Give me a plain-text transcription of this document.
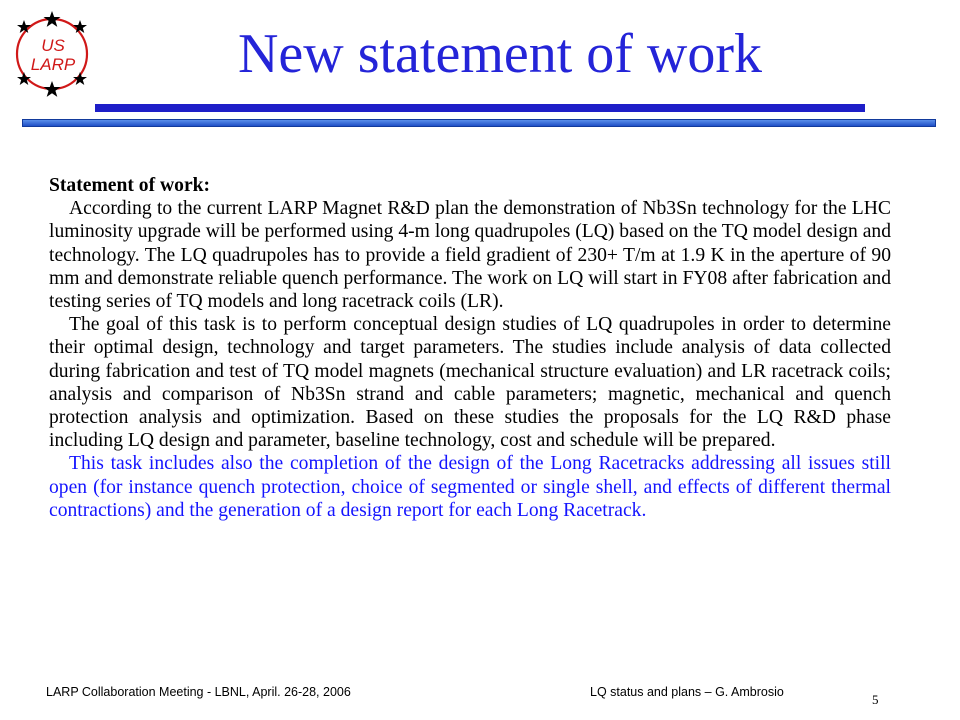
US
LARP	New statement of work
Statement of work:

According to the current LARP Magnet R&D plan the demonstration of Nb3Sn technology for the LHC luminosity upgrade will be performed using 4-m long quadrupoles (LQ) based on the TQ model design and technology. The LQ quadrupoles has to provide a field gradient of 230+ T/m at 1.9 K in the aperture of 90 mm and demonstrate reliable quench performance. The work on LQ will start in FY08 after fabrication and testing series of TQ models and long racetrack coils (LR).

The goal of this task is to perform conceptual design studies of LQ quadrupoles in order to determine their optimal design, technology and target parameters. The studies include analysis of data collected during fabrication and test of TQ model magnets (mechanical structure evaluation) and LR racetrack coils; analysis and comparison of Nb3Sn strand and cable parameters; magnetic, mechanical and quench protection analysis and optimization. Based on these studies the proposals for the LQ R&D phase including LQ design and parameter, baseline technology, cost and schedule will be prepared.

This task includes also the completion of the design of the Long Racetracks addressing all issues still open (for instance quench protection, choice of segmented or single shell, and effects of different thermal contractions) and the generation of a design report for each Long Racetrack.

LARP Collaboration Meeting - LBNL, April. 26-28, 2006	LQ status and plans – G. Ambrosio	5
